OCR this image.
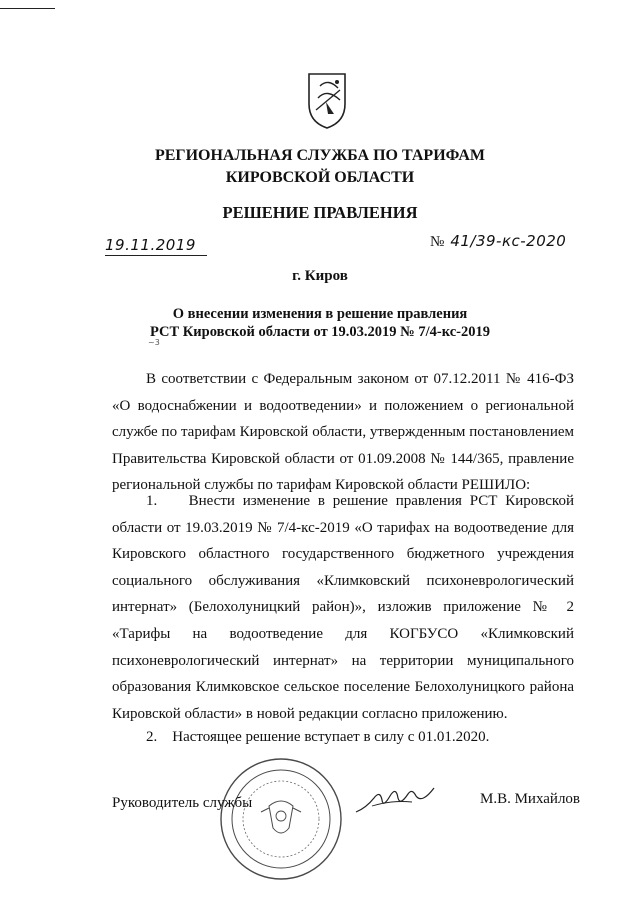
РЕГИОНАЛЬНАЯ СЛУЖБА ПО ТАРИФАМ
КИРОВСКОЙ ОБЛАСТИ
РЕШЕНИЕ ПРАВЛЕНИЯ
19.11.2019	№ 41/39-кс-2020
г. Киров
О внесении изменения в решение правления
РСТ Кировской области от 19.03.2019 № 7/4-кс-2019
~3

В соответствии с Федеральным законом от 07.12.2011 № 416-ФЗ «О водоснабжении и водоотведении» и положением о региональной службе по тарифам Кировской области, утвержденным постановлением Правительства Кировской области от 01.09.2008 № 144/365, правление региональной службы по тарифам Кировской области РЕШИЛО:

1.    Внести изменение в решение правления РСТ Кировской области от 19.03.2019 № 7/4-кс-2019 «О тарифах на водоотведение для Кировского областного государственного бюджетного учреждения социального обслуживания «Климковский психоневрологический интернат» (Белохолуницкий район)», изложив приложение № 2 «Тарифы на водоотведение для КОГБУСО «Климковский психоневрологический интернат» на территории муниципального образования Климковское сельское поселение Белохолуницкого района Кировской области» в новой редакции согласно приложению.

2.    Настоящее решение вступает в силу с 01.01.2020.

Руководитель службы	М.В. Михайлов
